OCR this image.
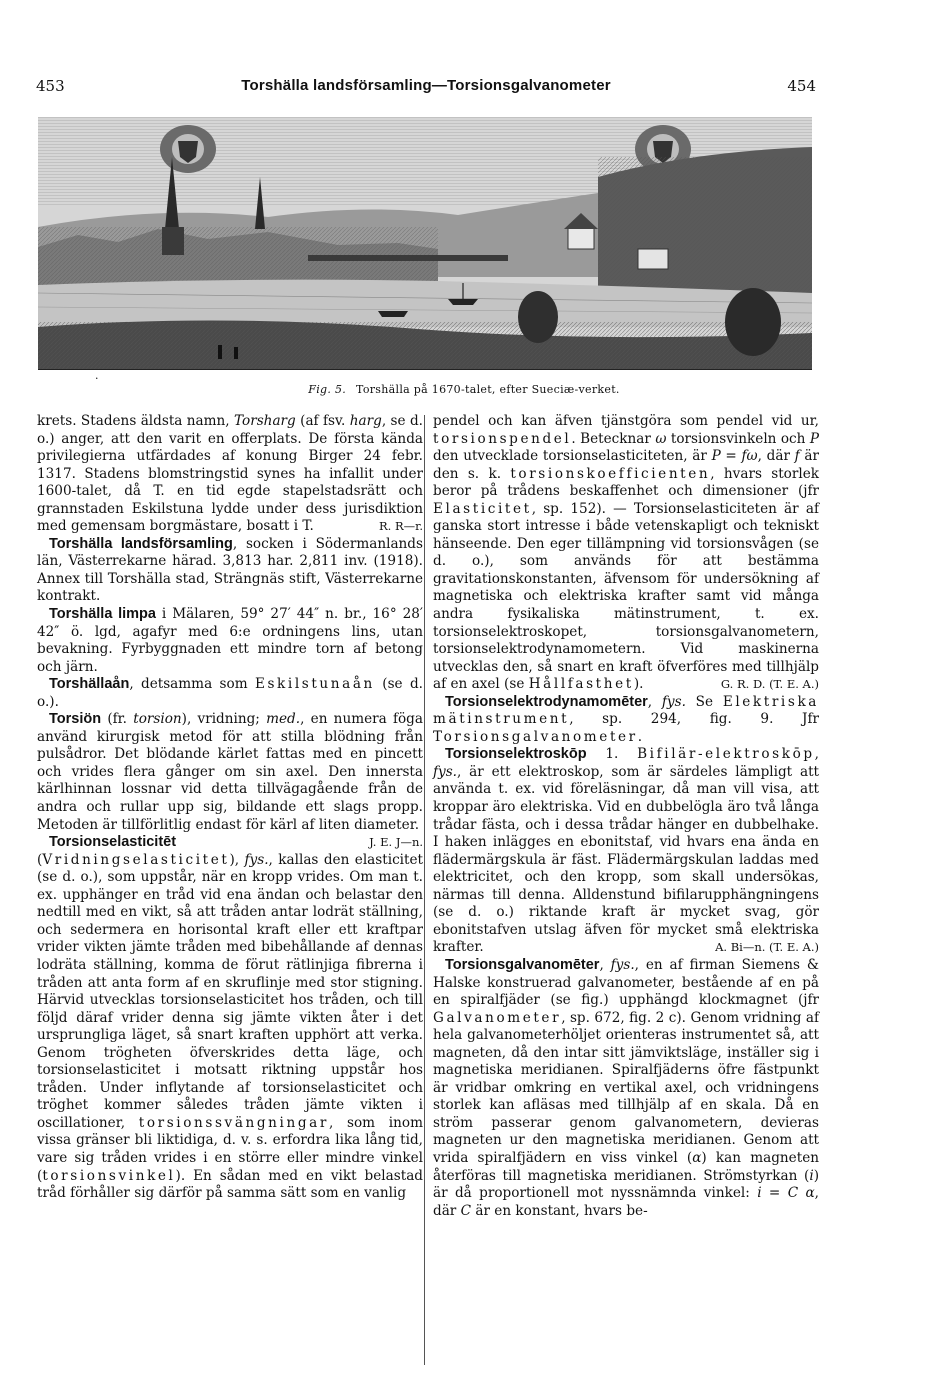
453	Torshälla landsförsamling—Torsionsgalvanometer	454
·
Fig. 5. Torshälla på 1670-talet, efter Sueciæ-verket.

krets. Stadens äldsta namn, Torsharg (af fsv. harg, se d. o.) anger, att den varit en offerplats. De första kända privilegierna utfärdades af konung Birger 24 febr. 1317. Stadens blomstringstid synes ha infallit under 1600-talet, då T. en tid egde stapelstadsrätt och grannstaden Eskilstuna lydde under dess jurisdiktion med gemensam borgmästare, bosatt i T.	R. R—r.

Torshälla landsförsamling, socken i Södermanlands län, Västerrekarne härad. 3,813 har. 2,811 inv. (1918). Annex till Torshälla stad, Strängnäs stift, Västerrekarne kontrakt.

Torshälla limpa i Mälaren, 59° 27′ 44″ n. br., 16° 28′ 42″ ö. lgd, agafyr med 6:e ordningens lins, utan bevakning. Fyrbyggnaden ett mindre torn af betong och järn.

Torshällaån, detsamma som Eskilstunaån (se d. o.).

Torsiön (fr. torsion), vridning; med., en numera föga använd kirurgisk metod för att stilla blödning från pulsådror. Det blödande kärlet fattas med en pincett och vrides flera gånger om sin axel. Den innersta kärlhinnan lossnar vid detta tillvägagående från de andra och rullar upp sig, bildande ett slags propp. Metoden är tillförlitlig endast för kärl af liten diameter.
J. E. J—n.

Torsionselasticitēt (Vridningselasticitet), fys., kallas den elasticitet (se d. o.), som uppstår, när en kropp vrides. Om man t. ex. upphänger en tråd vid ena ändan och belastar den nedtill med en vikt, så att tråden antar lodrät ställning, och sedermera en horisontal kraft eller ett kraftpar vrider vikten jämte tråden med bibehållande af dennas lodräta ställning, komma de förut rätlinjiga fibrerna i tråden att anta form af en skruflinje med stor stigning. Härvid utvecklas torsionselasticitet hos tråden, och till följd däraf vrider denna sig jämte vikten åter i det ursprungliga läget, så snart kraften upphört att verka. Genom trögheten öfverskrides detta läge, och torsionselasticitet i motsatt riktning uppstår hos tråden. Under inflytande af torsionselasticitet och tröghet kommer således tråden jämte vikten i oscillationer, torsionssvängningar, som inom vissa gränser bli liktidiga, d. v. s. erfordra lika lång tid, vare sig tråden vrides i en större eller mindre vinkel (torsionsvinkel). En sådan med en vikt belastad tråd förhåller sig därför på samma sätt som en vanlig

pendel och kan äfven tjänstgöra som pendel vid ur, torsionspendel. Betecknar ω torsionsvinkeln och P den utvecklade torsionselasticiteten, är P = fω, där f är den s. k. torsionskoefficienten, hvars storlek beror på trådens beskaffenhet och dimensioner (jfr Elasticitet, sp. 152). — Torsionselasticiteten är af ganska stort intresse i både vetenskapligt och tekniskt hänseende. Den eger tillämpning vid torsionsvågen (se d. o.), som används för att bestämma gravitationskonstanten, äfvensom för undersökning af magnetiska och elektriska krafter samt vid många andra fysikaliska mätinstrument, t. ex. torsionselektroskopet, torsionsgalvanometern, torsionselektrodynamometern. Vid maskinerna utvecklas den, så snart en kraft öfverföres med tillhjälp af en axel (se Hållfasthet).	G. R. D. (T. E. A.)

Torsionselektrodynamomēter, fys. Se Elektriska mätinstrument, sp. 294, fig. 9. Jfr Torsionsgalvanometer.

Torsionselektroskōp 1. Bifilär-elektroskōp, fys., är ett elektroskop, som är särdeles lämpligt att använda t. ex. vid föreläsningar, då man vill visa, att kroppar äro elektriska. Vid en dubbelögla äro två långa trådar fästa, och i dessa trådar hänger en dubbelhake. I haken inlägges en ebonitstaf, vid hvars ena ända en flädermärgskula är fäst. Flädermärgskulan laddas med elektricitet, och den kropp, som skall undersökas, närmas till denna. Alldenstund bifilarupphängningens (se d. o.) riktande kraft är mycket svag, gör ebonitstafven utslag äfven för mycket små elektriska krafter.	A. Bi—n. (T. E. A.)

Torsionsgalvanomēter, fys., en af firman Siemens & Halske konstruerad galvanometer, bestående af en på en spiralfjäder (se fig.) upphängd klockmagnet (jfr Galvanometer, sp. 672, fig. 2 c). Genom vridning af hela galvanometerhöljet orienteras instrumentet så, att magneten, då den intar sitt jämviktsläge, inställer sig i magnetiska meridianen. Spiralfjäderns öfre fästpunkt är vridbar omkring en vertikal axel, och vridningens storlek kan afläsas med tillhjälp af en skala. Då en ström passerar genom galvanometern, devieras magneten ur den magnetiska meridianen. Genom att vrida spiralfjädern en viss vinkel (α) kan magneten återföras till magnetiska meridianen. Strömstyrkan (i) är då proportionell mot nyssnämnda vinkel: i = C α, där C är en konstant, hvars be-
